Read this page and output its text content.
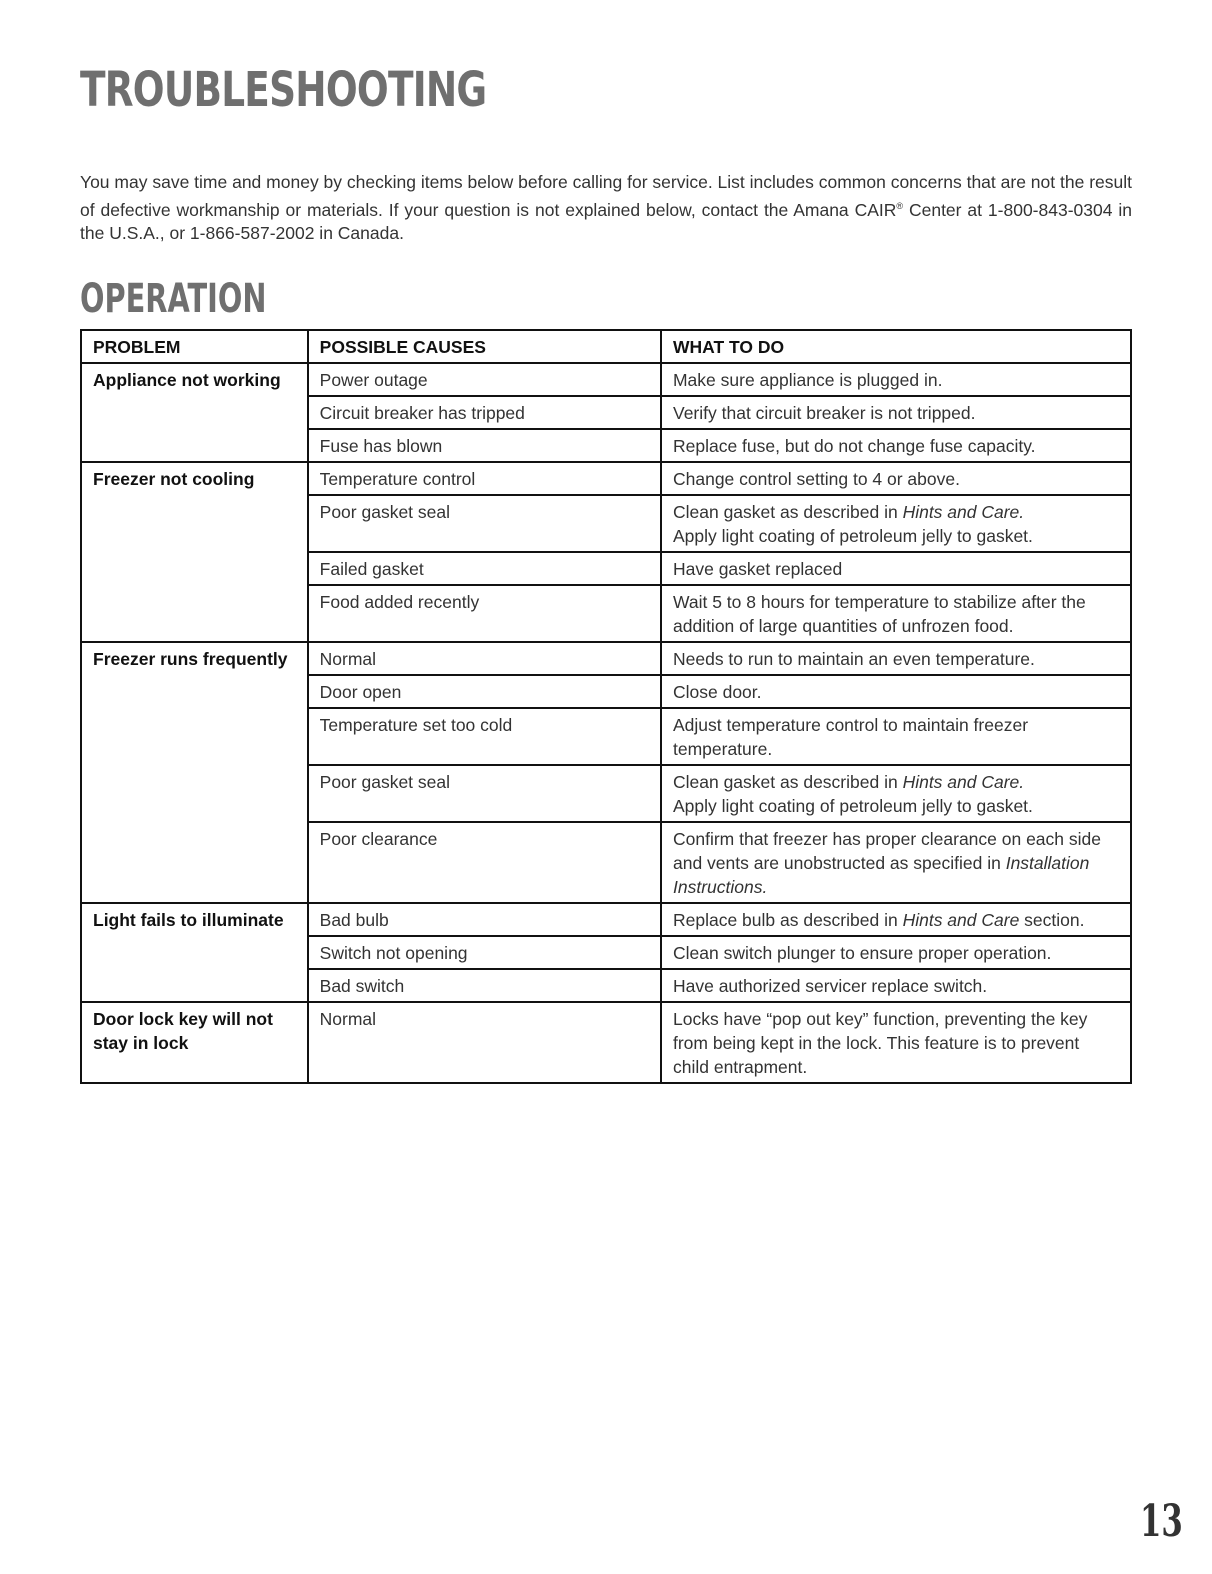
TROUBLESHOOTING

You may save time and money by checking items below before calling for service. List includes common concerns that are not the result of defective workmanship or materials. If your question is not explained below, contact the Amana CAIR® Center at 1-800-843-0304 in the U.S.A., or 1-866-587-2002 in Canada.

OPERATION
PROBLEM	POSSIBLE CAUSES	WHAT TO DO
Appliance not working	Power outage	Make sure appliance is plugged in.
	Circuit breaker has tripped	Verify that circuit breaker is not tripped.
	Fuse has blown	Replace fuse, but do not change fuse capacity.
Freezer not cooling	Temperature control	Change control setting to 4 or above.
	Poor gasket seal	Clean gasket as described in Hints and Care.
Apply light coating of petroleum jelly to gasket.
	Failed gasket	Have gasket replaced
	Food added recently	Wait 5 to 8 hours for temperature to stabilize after the addition of large quantities of unfrozen food.
Freezer runs frequently	Normal	Needs to run to maintain an even temperature.
	Door open	Close door.
	Temperature set too cold	Adjust temperature control to maintain freezer temperature.
	Poor gasket seal	Clean gasket as described in Hints and Care.
Apply light coating of petroleum jelly to gasket.
	Poor clearance	Confirm that freezer has proper clearance on each side and vents are unobstructed as specified in Installation Instructions.
Light fails to illuminate	Bad bulb	Replace bulb as described in Hints and Care section.
	Switch not opening	Clean switch plunger to ensure proper operation.
	Bad switch	Have authorized servicer replace switch.
Door lock key will not stay in lock	Normal	Locks have “pop out key” function, preventing the key from being kept in the lock. This feature is to prevent child entrapment.
13
